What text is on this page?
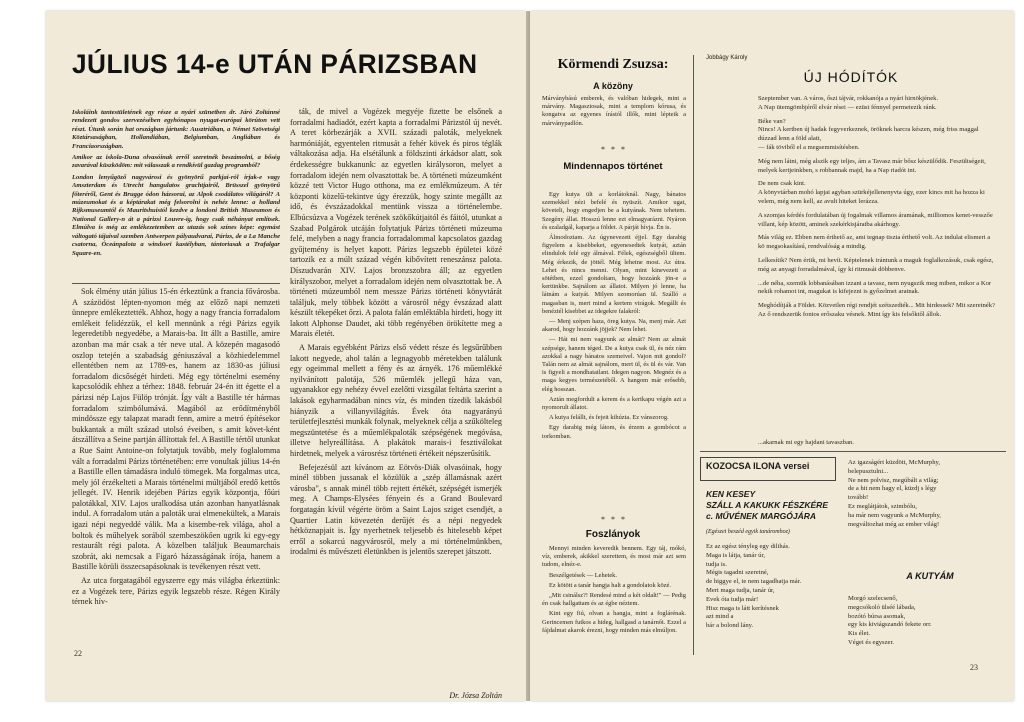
JÚLIUS 14-e UTÁN PÁRIZSBAN

Iskoláink tantestületének egy része a nyári szünetben dr. Járó Zoltánné rendezett gondos szervezésében egyhónapos nyugat-európai körúton vett részt. Útunk során hat országban jártunk: Ausztriában, a Német Szövetségi Köztársaságban, Hollandiában, Belgiumban, Angliában és Franciaországban.

Amikor az iskola-Duna olvasóinak erről szeretnék beszámolni, a bőség zavarával küszködöm: mit válasszak a rendkívül gazdag programból?

London lenyűgöző nagyvárosi és gyönyörű parkjai-ról írjak-e vagy Amszterdam és Utrecht hangulatos grachtjairól, Brüsszel gyönyörű főteréről, Gent és Brugge ódon házsorai, az Alpok csodálatos világáról? A múzeumokat és a képtárakat még felsorolni is nehéz lenne: a holland Rijksmuseumtól és Mauritshuistól kezdve a londoni British Museumon és National Gallery-n át a párizsi Louvre-ig, hogy csak néhányat említsek. Elmúlva is még az emlékezetemben az utazás sok színes képe: egymást váltogató tájaival szemben Antwerpen pályaudvarai, Párizs, de a La Manche csatorna, Óceánpalota a windsori kastélyban, tántoriasak a Trafalgar Square-en.

Sok élmény után július 15-én érkeztünk a francia fővárosba. A százödöst lépten-nyomon még az előző napi nemzeti ünnepre emlékeztették. Ahhoz, hogy a nagy francia forradalom emlékeit felidézzük, el kell mennünk a régi Párizs egyik legeredetibb negyedébe, a Marais-ba. Itt állt a Bastille, amire azonban ma már csak a tér neve utal. A közepén magasodó oszlop tetején a szabadság géniuszával a közhiedelemmel ellentétben nem az 1789-es, hanem az 1830-as júliusi forradalom dicsőségét hirdeti. Még egy történelmi esemény kapcsolódik ehhez a térhez: 1848. február 24-én itt égette el a párizsi nép Lajos Fülöp trónját. Így vált a Bastille tér hármas forradalom szimbólumává. Magából az erődítményből mindössze egy talapzat maradt fenn, amire a metró építésekor bukkantak a múlt század utolsó éveiben, s amit követ-ként átszállítva a Seine partján állítottak fel. A Bastille tértől utunkat a Rue Saint Antoine-on folytatjuk tovább, mely foglalomma vált a forradalmi Párizs történetében: erre vonultak július 14-én a Bastille ellen támadásra induló tömegek. Ma forgalmas utca, mely jól érzékelteti a Marais történelmi múltjából eredő kettős jellegét. IV. Henrik idejében Párizs egyik központja, főúri palotákkal, XIV. Lajos uralkodása után azonban hanyatlásnak indul. A forradalom után a paloták urai elmenekültek, a Marais igazi népi negyeddé válik. Ma a kisembe-rek világa, ahol a boltok és műhelyek sorából szembeszökően ugrik ki egy-egy restaurált régi palota. A közelben találjuk Beaumarchais szobrát, aki nemcsak a Figaró házasságának írója, hanem a Bastille körüli összecsapásoknak is tevékenyen részt vett.

Az utca forgatagából egyszerre egy más világba érkeztünk: ez a Vogézek tere, Párizs egyik legszebb része. Régen Király térnek hív-

ták, de mivel a Vogézek megyéje fizette be elsőnek a forradalmi hadiadót, ezért kapta a forradalmi Párizstól új nevét. A teret körbezárják a XVII. századi paloták, melyeknek harmóniáját, egyentelen ritmusát a fehér kövek és piros téglák váltakozása adja. Ha elsétálunk a földszinti árkádsor alatt, sok érdekességre bukkanunk: az egyetlen királysoron, melyet a forradalom idején nem olvasztottak be. A történeti múzeumként közzé tett Victor Hugo otthona, ma ez emlékmúzeum. A tér központi közelű-tekintve úgy érezzük, hogy szinte megállt az idő, és évszázadokkal mentünk vissza a történelembe. Elbúcsúzva a Vogézek terének szökőkútjaitól és fáitól, utunkat a Szabad Polgárok utcáján folytatjuk Párizs történeti múzeuma felé, melyben a nagy francia forradalommal kapcsolatos gazdag gyűjtemény is helyet kapott. Párizs legszebb épületei közé tartozik ez a múlt század végén kibővített reneszánsz palota. Díszudvarán XIV. Lajos bronzszobra áll; az egyetlen királyszobor, melyet a forradalom idején nem olvasztottak be. A történeti múzeumból nem messze Párizs történeti könyvtárát találjuk, mely többek között a városról négy évszázad alatt készült tékepéket őrzi. A palota falán emléktábla hirdeti, hogy itt lakott Alphonse Daudet, aki több regényében örökítette meg a Marais életét.

A Marais egyébként Párizs első védett része és legsűrűbben lakott negyede, ahol talán a legnagyobb méretekben találunk egy ogeimmal mellett a fény és az árnyék. 176 műemlékké nyilvánított palotája, 526 műemlék jellegű háza van, ugyanakkor egy nehézy évvel ezelőtti vizsgálat feltárta szerint a lakások egyharmadában nincs víz, és minden tízedik lakásból hiányzik a villanyvilágítás. Évek óta nagyarányú területfejlesztési munkák folynak, melyeknek célja a szűkölteleg megszüntetése és a műemlékpaloták szépségének megóvása, illetve helyreállítása. A plakátok marais-i fesztiválokat hirdetnek, melyek a városrész történeti értékeit népszerűsítik.

Befejezésül azt kívánom az Eötvös-Diák olvasóinak, hogy minél többen jussanak el közülük a „szép államásnak azért városba", s annak minél több rejtett értékét, szépségét ismerjék meg. A Champs-Elysées fényein és a Grand Boulevard forgatagán kívül végérte öröm a Saint Lajos sziget csendjét, a Quartier Latin kövezetén derűjét és a népi negyedek hétköznapjait is. Így nyerhetnek teljesebb és hitelesebb képet erről a sokarcú nagyvárosról, mely a mi történelmünkben, irodalmi és művészeti életünkben is jelentős szerepet játszott.

Dr. Józsa Zoltán
22
Körmendi Zsuzsa:
A közöny
Márványbású emberek, és valóban hidegek, mint a márvány. Magasztosak, mint a templom kórusa, és kongatva az egyenes írástól illők, mint lépteik a márványpadlón.
* * *
Mindennapos történet

Egy kutya ült a korlátoknál. Nagy, bánatos szemekkel nézi befelé és nyüszít. Amikor ugat, követeli, hogy engedjen be a kutyának. Nem tehetem. Szegény állat. Hosszú lenne ezt elmagyarázni. Nyáron és szaladgál, kaparja a földet. A párját hívja. Én is.

Álmodoztam. Az úgynevezett éjjel. Egy darabig figyelem a kisebbeket, egyenesedtek kutyát, aztán elindulok felé egy álmával. Félek, egészségből ültem. Még érkezik, de jöttél. Még lehetne most. Az útra. Lehet és nincs menni. Olyan, mint kinevezett a sötétben, ezzel gondoltam, hogy hozzánk jön-e a kertünkbe. Sajnálom az állatot. Milyen jó lenne, ha látnám a kutyát. Milyen szomorúan ül. Szálló a magasban is, mert mind a kertem virágok. Megállt és benéztél kisebbet az idegekre falakról:

— Menj szépen haza, öreg kutya. Na, menj már. Azt akarod, hogy hozzánk jöjjek? Nem lehet.

— Hát mi nem vagyunk az almát? Nem az almát szépsége, hanem téged. De a kutya csak ül, és néz rám azokkal a nagy bánatos szemeivel. Vajon mit gondol? Talán nem az almát sajnálom, mert ül, és ül és vár. Van is figyeli a mondhatatlant. Idegen nagyon. Megnéz és a maga kegyes természetéből. A hangom már erősebb, elég hosszan.

Aztán megfordult a kerem és a kertkapu végén azt a nyomorult állatot.

A kutya felállt, és fejeit kihúzta. Ez vánszorog.

Egy darabig még látom, és érzem a gombócot a torkomban.

* * *
Foszlányok

Mennyi minden keveredik bennem. Egy táj, mókó, víz, emberek, akikkel szerettem, és most már azt sem tudom, elnéz-e.

Beszélgetések — Lehetek.

Ez kötött a tanár hangja halt a gondolatok közé.

„Mit csinálsz?! Rendesé mind a két oldalt!" — Pedig én csak hallgattam és az égbe néztem.

Kint egy fiú, olvan a hangja, mint a foglárénak. Gerincemen futkos a hideg, hallgasd a tanárnőt. Ezzel a fájdalmat akarok érezni, hogy minden más elmúljon.

Jobbágy Károly
ÚJ HÓDÍTÓK
Szeptember van. A város, őszi tájvár, rokkanója a nyári hirnökjének.
A Nap ütemgömbjéről elvár rései — ezüst fénnyel permetezik ránk.
Béke van?
Nincs! A kertben új hadak fegyverkeznek, öröknek harcra készen, még friss maggal dúzzad lenn a föld alatt,
— fák töviből el a megsemmisítésben.
Még nem látni, még alszik egy teljes, ám a Tavasz már bősz készülődik. Feszültségeit, melyek kertjeinkben, s robbannak majd, ha a Nap riadót int.
De nem csak kint.
A könyvtárban mohó lapjai agyban szürkéjellenenyvta úgy, ezer kincs mit ha hozza ki velem, még nem kell, az avult hiteket lerázza.
A szomjas kérdés fordulatában új fogalmak villamos áramának, milliomos kenet-vesszőe villant, kép között, aminek szekérkisjáratba akárhogy.
Más világ ez. Ebben nem érthető az, ami tegnap tiszta érthető volt. Az indulat elismeri a kö megsokasítású, rendvalóság a mindig.
Lelkesítik? Nem értik, mi hevít. Képtelenek irántunk a maguk foglalkozásuk, csak egész, még az anyagi forradalmával, így ki ritmusát döbbenve.
...de néha, szemük lobbanásában izzani a tavasz, nem nyugszik meg miben, mikor a Kor nekik rohamot int, magukat is kifejezni is győzelmet aratnak.
Meghódítják a Földet. Közvetlen régi rendjét szétszedték... Mit hirdessek? Mit szeretnék? Az ő rendszerük fontos erőszaku vésnek. Mint így kis felsőktől állok.
...akarnak mi egy hajdani tavaszban.
KOZOCSA ILONA versei
KEN KESEY
SZÁLL A KAKUKK FÉSZKÉRE
c. MŰVÉNEK MARGÓJÁRA
(Egészet beszéd egyik tanáromhoz)
Ez az egész tényleg egy dilihás.
Maga is látja, tanár úr,
tudja is.
Mégis tagadni szeretné,
de higgye el, te nem tagadhatja már.
Mert maga tudja, tanár úr,
Evek óta tudja már!
Hisz maga is látt kerítésnek
azt mind a
bár a bolond lány.
Az igazságért küzdött, McMurphy,
belepusztulni...
Ne nem polvisz, megúbált a világ;
de a hit nem hagy el, küzdj s légy
tovább!
Ez meglátjátok, szimbólu,
ha már nem vagyunk a McMurphy,
megváltozhat még az ember világ!
A KUTYÁM
Morgó szelecsenő,
megcsókoló ülséé lábada,
bozótó búrsa asomak,
egy kis kiviágszandó fekete orr.
Kis élet.
Végei és egyszer.
23
